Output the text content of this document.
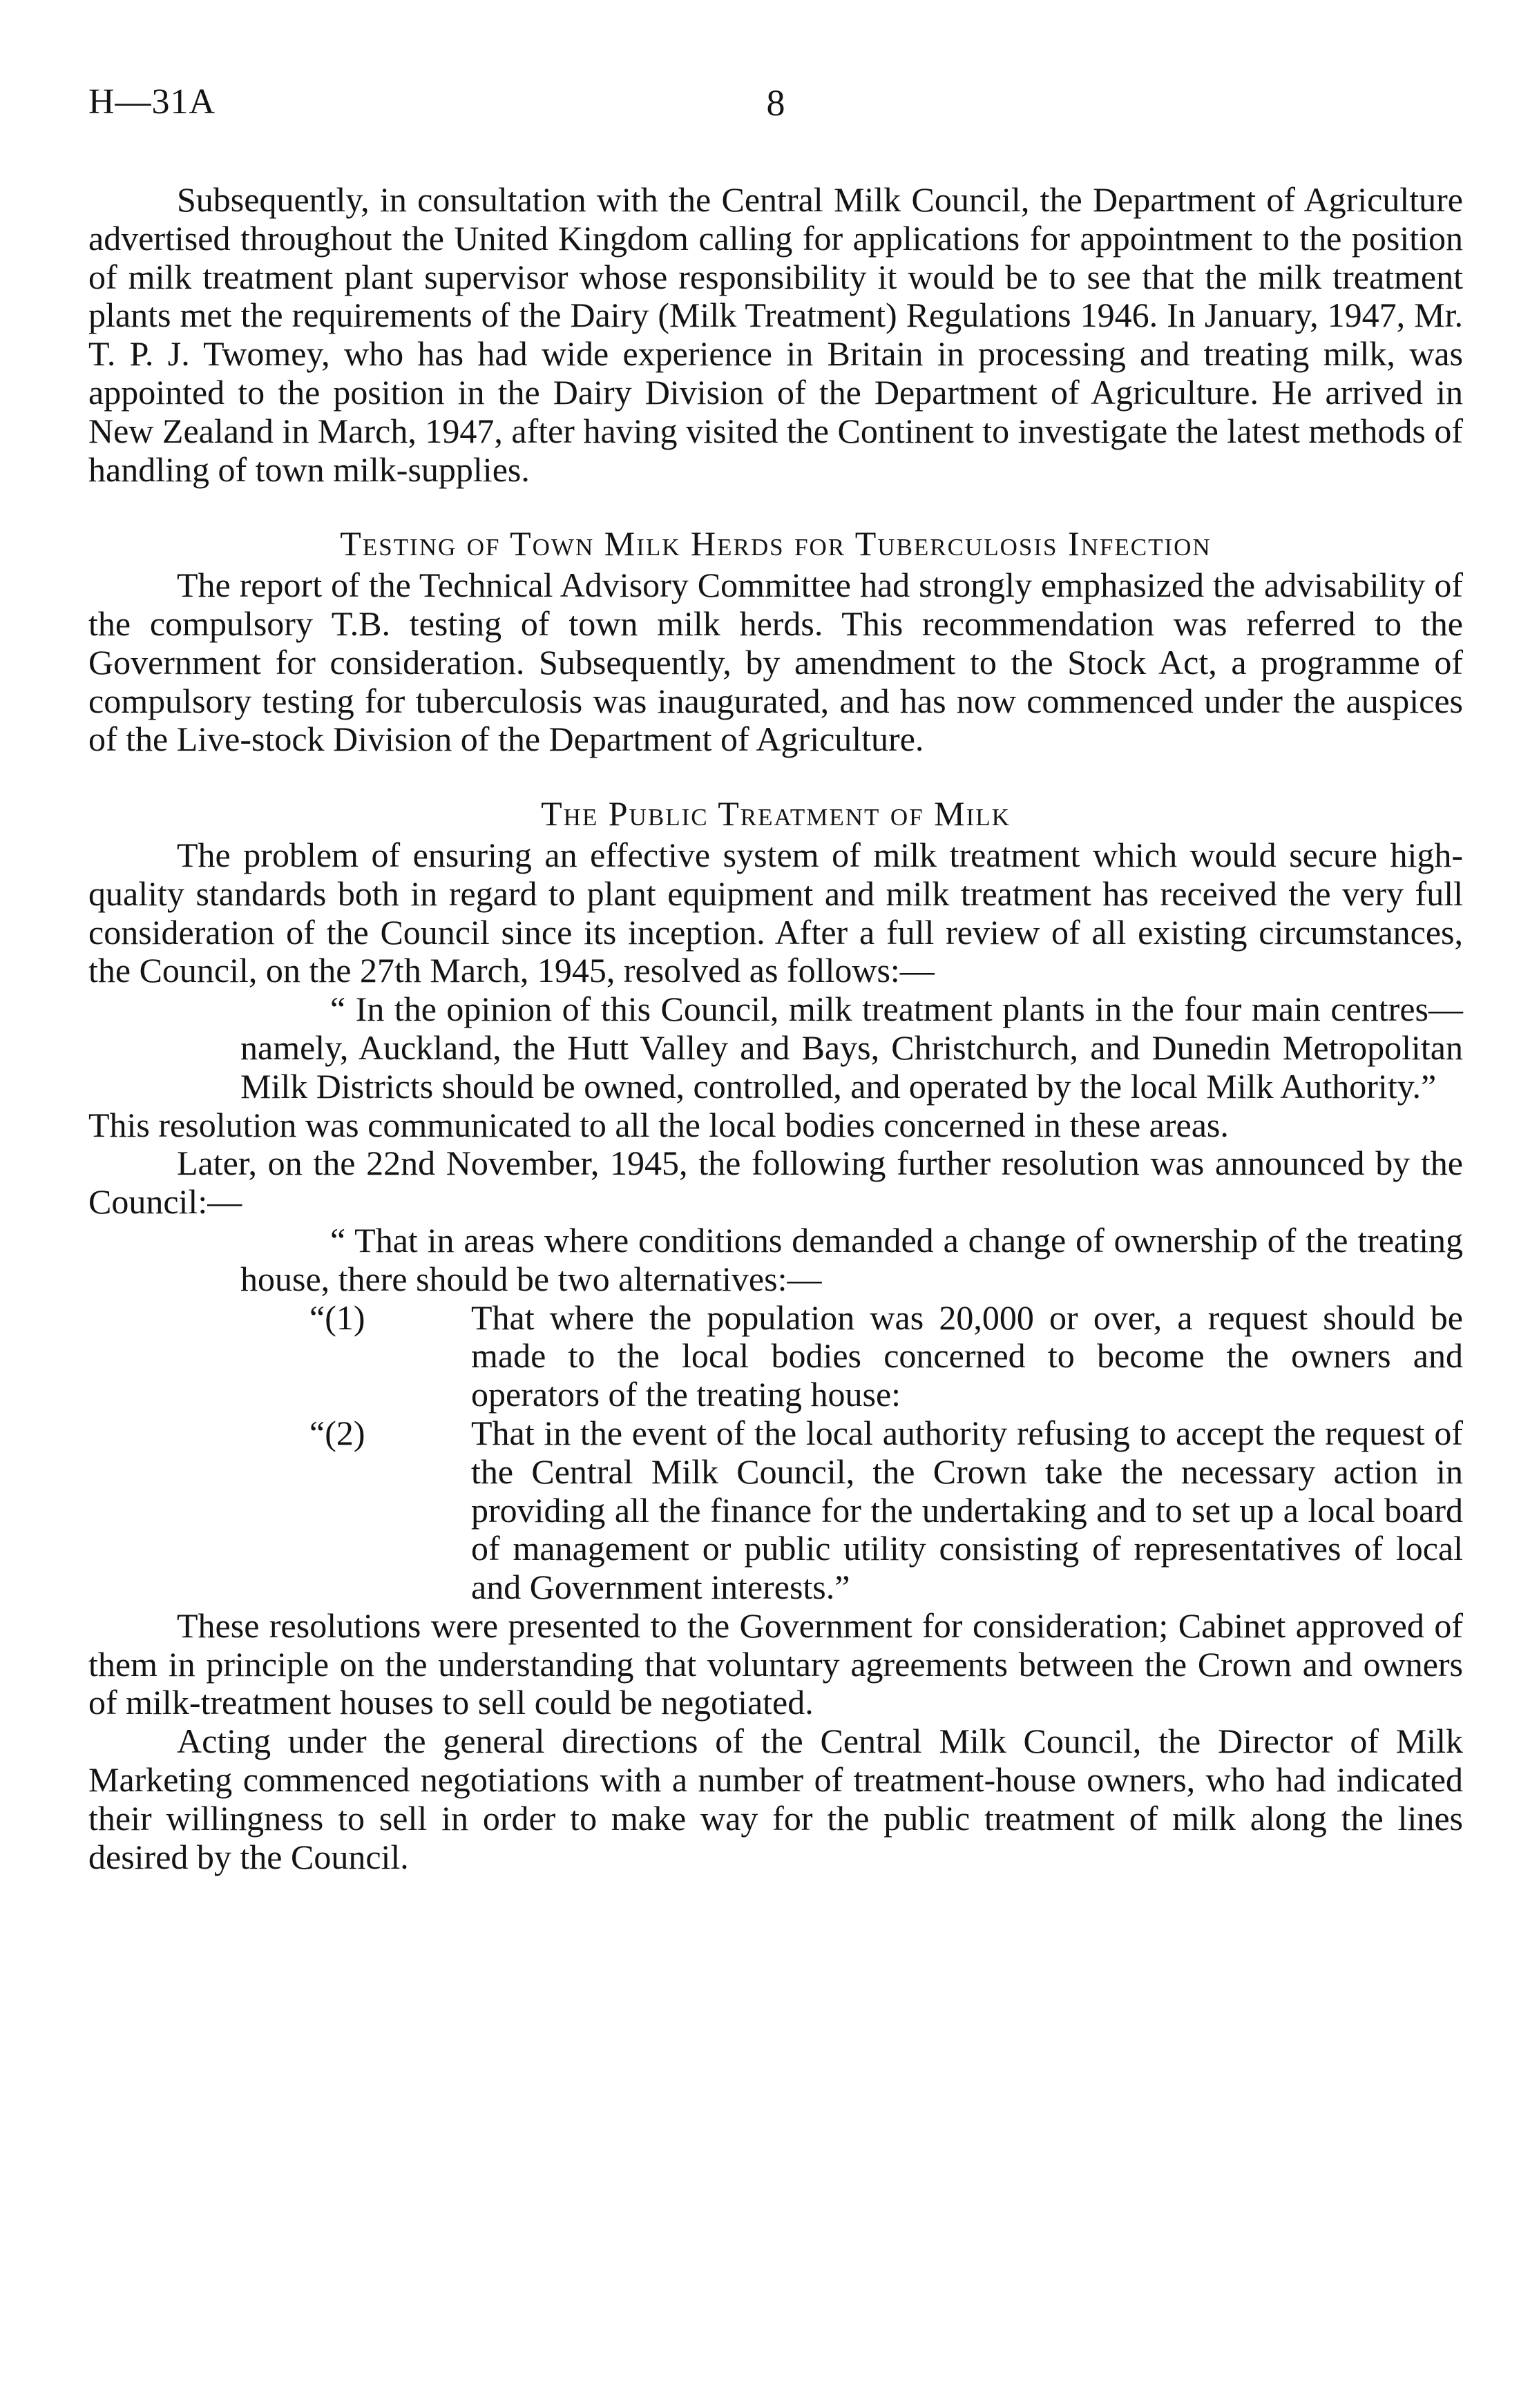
H—31A	8

Subsequently, in consultation with the Central Milk Council, the Department of Agriculture advertised throughout the United Kingdom calling for applications for appointment to the position of milk treatment plant supervisor whose responsibility it would be to see that the milk treatment plants met the requirements of the Dairy (Milk Treatment) Regulations 1946. In January, 1947, Mr. T. P. J. Twomey, who has had wide experience in Britain in processing and treating milk, was appointed to the position in the Dairy Division of the Department of Agriculture. He arrived in New Zealand in March, 1947, after having visited the Continent to investigate the latest methods of handling of town milk-supplies.

Testing of Town Milk Herds for Tuberculosis Infection

The report of the Technical Advisory Committee had strongly emphasized the advisability of the compulsory T.B. testing of town milk herds. This recommendation was referred to the Government for consideration. Subsequently, by amendment to the Stock Act, a programme of compulsory testing for tuberculosis was inaugurated, and has now commenced under the auspices of the Live-stock Division of the Department of Agriculture.

The Public Treatment of Milk

The problem of ensuring an effective system of milk treatment which would secure high-quality standards both in regard to plant equipment and milk treatment has received the very full consideration of the Council since its inception. After a full review of all existing circumstances, the Council, on the 27th March, 1945, resolved as follows:—

“ In the opinion of this Council, milk treatment plants in the four main centres—namely, Auckland, the Hutt Valley and Bays, Christchurch, and Dunedin Metropolitan Milk Districts should be owned, controlled, and operated by the local Milk Authority.”

This resolution was communicated to all the local bodies concerned in these areas.

Later, on the 22nd November, 1945, the following further resolution was announced by the Council:—

“ That in areas where conditions demanded a change of ownership of the treating house, there should be two alternatives:—

“(1)	That where the population was 20,000 or over, a request should be made to the local bodies concerned to become the owners and operators of the treating house:

“(2)	That in the event of the local authority refusing to accept the request of the Central Milk Council, the Crown take the necessary action in providing all the finance for the undertaking and to set up a local board of management or public utility consisting of representatives of local and Government interests.”

These resolutions were presented to the Government for consideration; Cabinet approved of them in principle on the understanding that voluntary agreements between the Crown and owners of milk-treatment houses to sell could be negotiated.

Acting under the general directions of the Central Milk Council, the Director of Milk Marketing commenced negotiations with a number of treatment-house owners, who had indicated their willingness to sell in order to make way for the public treatment of milk along the lines desired by the Council.
